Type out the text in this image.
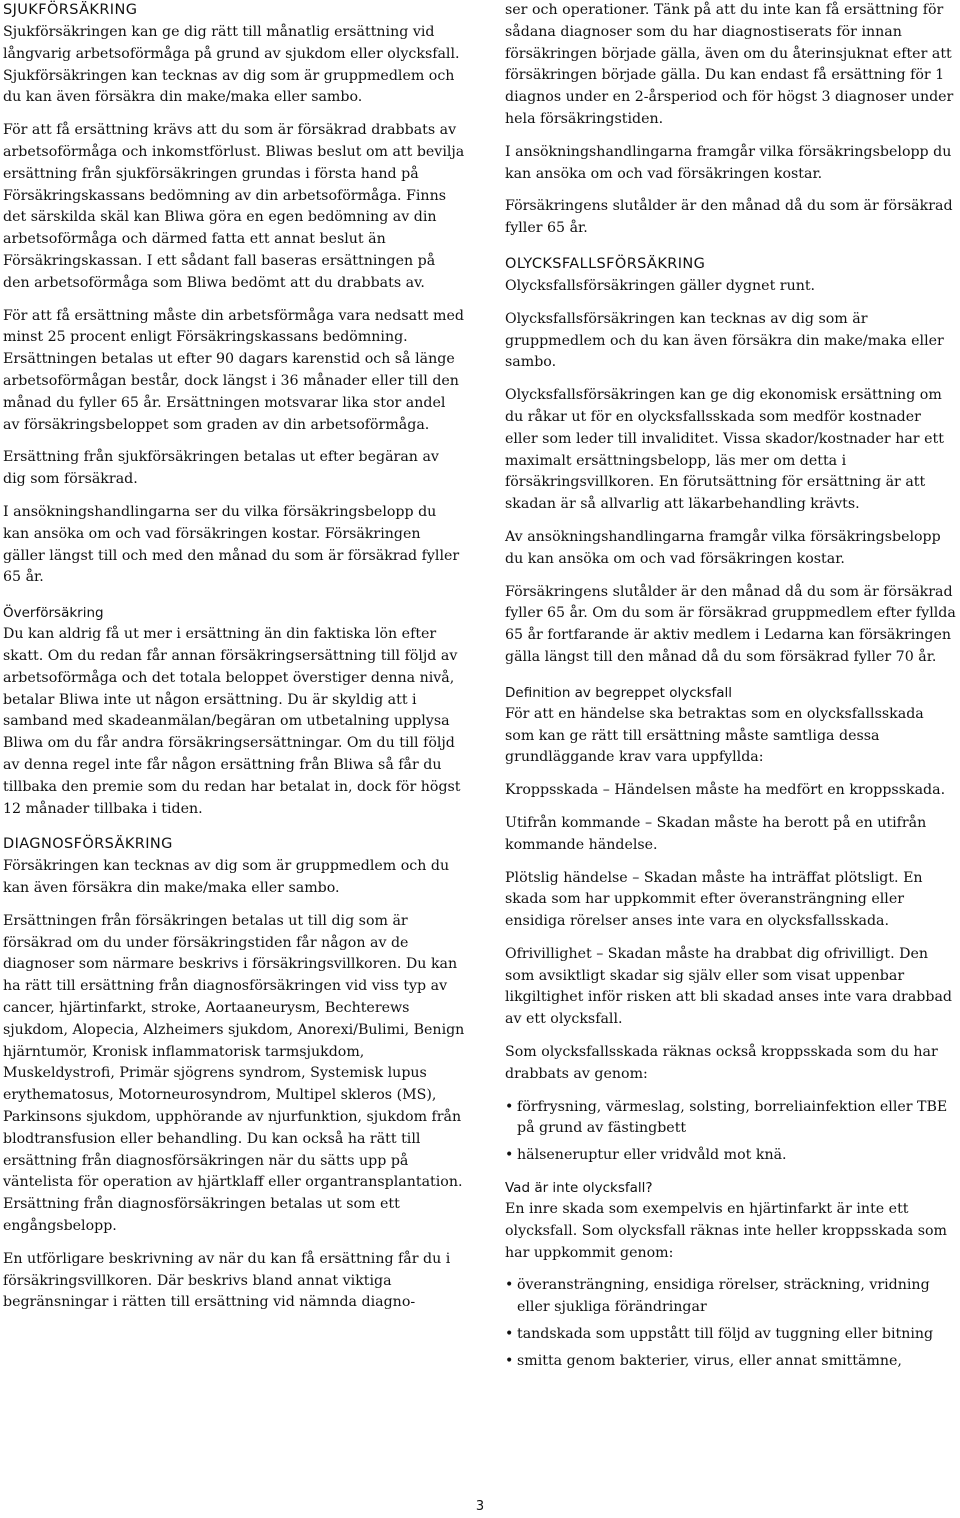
SJUKFÖRSÄKRING

Sjukförsäkringen kan ge dig rätt till månatlig ersättning vid långvarig arbetsoförmåga på grund av sjukdom eller olycksfall. Sjukförsäkringen kan tecknas av dig som är gruppmedlem och du kan även försäkra din make/maka eller sambo.

För att få ersättning krävs att du som är försäkrad drabbats av arbetsoförmåga och inkomstförlust. Bliwas beslut om att bevilja ersättning från sjukförsäkringen grundas i första hand på Försäkringskassans bedömning av din arbetsoförmåga. Finns det särskilda skäl kan Bliwa göra en egen bedömning av din arbetsoförmåga och därmed fatta ett annat beslut än Försäkringskassan. I ett sådant fall baseras ersättningen på den arbetsoförmåga som Bliwa bedömt att du drabbats av.

För att få ersättning måste din arbetsförmåga vara nedsatt med minst 25 procent enligt Försäkringskassans bedömning. Ersättningen betalas ut efter 90 dagars karenstid och så länge arbetsoförmågan består, dock längst i 36 månader eller till den månad du fyller 65 år. Ersättningen motsvarar lika stor andel av försäkringsbeloppet som graden av din arbetsoförmåga.

Ersättning från sjukförsäkringen betalas ut efter begäran av dig som försäkrad.

I ansökningshandlingarna ser du vilka försäkringsbelopp du kan ansöka om och vad försäkringen kostar. Försäkringen gäller längst till och med den månad du som är försäkrad fyller 65 år.

Överförsäkring

Du kan aldrig få ut mer i ersättning än din faktiska lön efter skatt. Om du redan får annan försäkringsersättning till följd av arbetsoförmåga och det totala beloppet överstiger denna nivå, betalar Bliwa inte ut någon ersättning. Du är skyldig att i samband med skadeanmälan/begäran om utbetalning upplysa Bliwa om du får andra försäkringsersättningar. Om du till följd av denna regel inte får någon ersättning från Bliwa så får du tillbaka den premie som du redan har betalat in, dock för högst 12 månader tillbaka i tiden.

DIAGNOSFÖRSÄKRING

Försäkringen kan tecknas av dig som är gruppmedlem och du kan även försäkra din make/maka eller sambo.

Ersättningen från försäkringen betalas ut till dig som är försäkrad om du under försäkringstiden får någon av de diagnoser som närmare beskrivs i försäkringsvillkoren. Du kan ha rätt till ersättning från diagnosförsäkringen vid viss typ av cancer, hjärtinfarkt, stroke, Aortaaneurysm, Bechterews sjukdom, Alopecia, Alzheimers sjukdom, Anorexi/Bulimi, Benign hjärntumör, Kronisk inflammatorisk tarmsjukdom, Muskeldystrofi, Primär sjögrens syndrom, Systemisk lupus erythematosus, Motorneurosyndrom, Multipel skleros (MS), Parkinsons sjukdom, upphörande av njurfunktion, sjukdom från blodtransfusion eller behandling. Du kan också ha rätt till ersättning från diagnosförsäkringen när du sätts upp på väntelista för operation av hjärtklaff eller organtransplantation. Ersättning från diagnosförsäkringen betalas ut som ett engångsbelopp.

En utförligare beskrivning av när du kan få ersättning får du i försäkringsvillkoren. Där beskrivs bland annat viktiga begränsningar i rätten till ersättning vid nämnda diagno-

ser och operationer. Tänk på att du inte kan få ersättning för sådana diagnoser som du har diagnostiserats för innan försäkringen började gälla, även om du återinsjuknat efter att försäkringen började gälla. Du kan endast få ersättning för 1 diagnos under en 2-årsperiod och för högst 3 diagnoser under hela försäkringstiden.

I ansökningshandlingarna framgår vilka försäkringsbelopp du kan ansöka om och vad försäkringen kostar.

Försäkringens slutålder är den månad då du som är försäkrad fyller 65 år.

OLYCKSFALLSFÖRSÄKRING

Olycksfallsförsäkringen gäller dygnet runt.

Olycksfallsförsäkringen kan tecknas av dig som är gruppmedlem och du kan även försäkra din make/maka eller sambo.

Olycksfallsförsäkringen kan ge dig ekonomisk ersättning om du råkar ut för en olycksfallsskada som medför kostnader eller som leder till invaliditet. Vissa skador/kostnader har ett maximalt ersättningsbelopp, läs mer om detta i försäkringsvillkoren. En förutsättning för ersättning är att skadan är så allvarlig att läkarbehandling krävts.

Av ansökningshandlingarna framgår vilka försäkringsbelopp du kan ansöka om och vad försäkringen kostar.

Försäkringens slutålder är den månad då du som är försäkrad fyller 65 år. Om du som är försäkrad gruppmedlem efter fyllda 65 år fortfarande är aktiv medlem i Ledarna kan försäkringen gälla längst till den månad då du som försäkrad fyller 70 år.

Definition av begreppet olycksfall

För att en händelse ska betraktas som en olycksfallsskada som kan ge rätt till ersättning måste samtliga dessa grundläggande krav vara uppfyllda:

Kroppsskada – Händelsen måste ha medfört en kroppsskada.

Utifrån kommande – Skadan måste ha berott på en utifrån kommande händelse.

Plötslig händelse – Skadan måste ha inträffat plötsligt. En skada som har uppkommit efter överansträngning eller ensidiga rörelser anses inte vara en olycksfallsskada.

Ofrivillighet – Skadan måste ha drabbat dig ofrivilligt. Den som avsiktligt skadar sig själv eller som visat uppenbar likgiltighet inför risken att bli skadad anses inte vara drabbad av ett olycksfall.

Som olycksfallsskada räknas också kroppsskada som du har drabbats av genom:

• förfrysning, värmeslag, solsting, borreliainfektion eller TBE på grund av fästingbett
• hälseneruptur eller vridvåld mot knä.
Vad är inte olycksfall?

En inre skada som exempelvis en hjärtinfarkt är inte ett olycksfall. Som olycksfall räknas inte heller kroppsskada som har uppkommit genom:

• överansträngning, ensidiga rörelser, sträckning, vridning eller sjukliga förändringar
• tandskada som uppstått till följd av tuggning eller bitning
• smitta genom bakterier, virus, eller annat smittämne,
3
